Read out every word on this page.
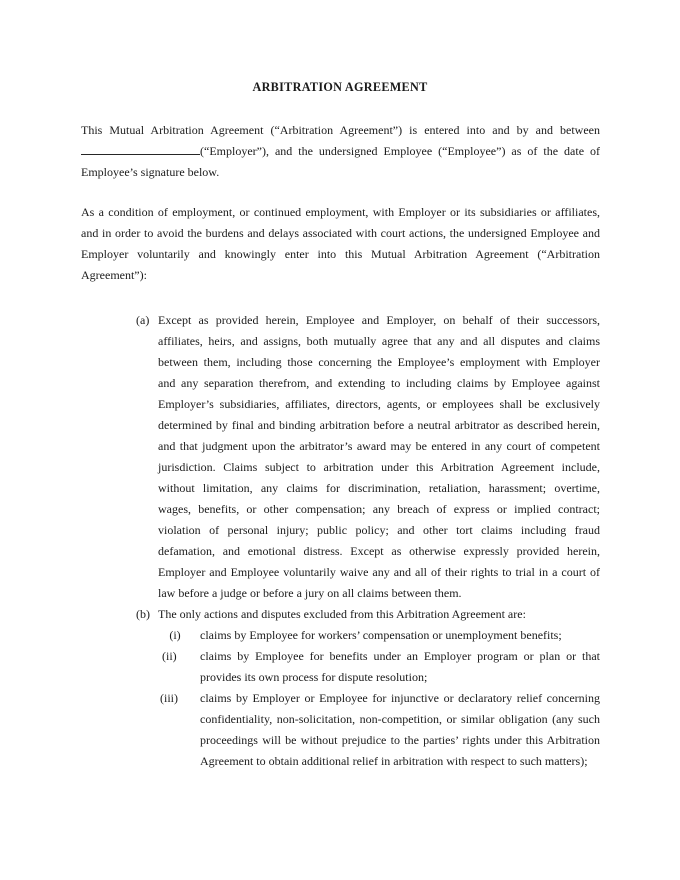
ARBITRATION AGREEMENT
This Mutual Arbitration Agreement (“Arbitration Agreement”) is entered into and by and between
(“Employer”), and the undersigned Employee (“Employee”) as of the date of
Employee’s signature below.
As a condition of employment, or continued employment, with Employer or its subsidiaries or affiliates,
and in order to avoid the burdens and delays associated with court actions, the undersigned Employee and
Employer voluntarily and knowingly enter into this Mutual Arbitration Agreement (“Arbitration
Agreement”):
(a) Except as provided herein, Employee and Employer, on behalf of their successors,
affiliates, heirs, and assigns, both mutually agree that any and all disputes and claims
between them, including those concerning the Employee’s employment with Employer
and any separation therefrom, and extending to including claims by Employee against
Employer’s subsidiaries, affiliates, directors, agents, or employees shall be exclusively
determined by final and binding arbitration before a neutral arbitrator as described herein,
and that judgment upon the arbitrator’s award may be entered in any court of competent
jurisdiction. Claims subject to arbitration under this Arbitration Agreement include,
without limitation, any claims for discrimination, retaliation, harassment; overtime,
wages, benefits, or other compensation; any breach of express or implied contract;
violation of personal injury; public policy; and other tort claims including fraud
defamation, and emotional distress. Except as otherwise expressly provided herein,
Employer and Employee voluntarily waive any and all of their rights to trial in a court of
law before a judge or before a jury on all claims between them.
(b) The only actions and disputes excluded from this Arbitration Agreement are:
(i)	claims by Employee for workers’ compensation or unemployment benefits;
(ii)	claims by Employee for benefits under an Employer program or plan or that
provides its own process for dispute resolution;
(iii)	claims by Employer or Employee for injunctive or declaratory relief concerning
confidentiality, non-solicitation, non-competition, or similar obligation (any such
proceedings will be without prejudice to the parties’ rights under this Arbitration
Agreement to obtain additional relief in arbitration with respect to such matters);
